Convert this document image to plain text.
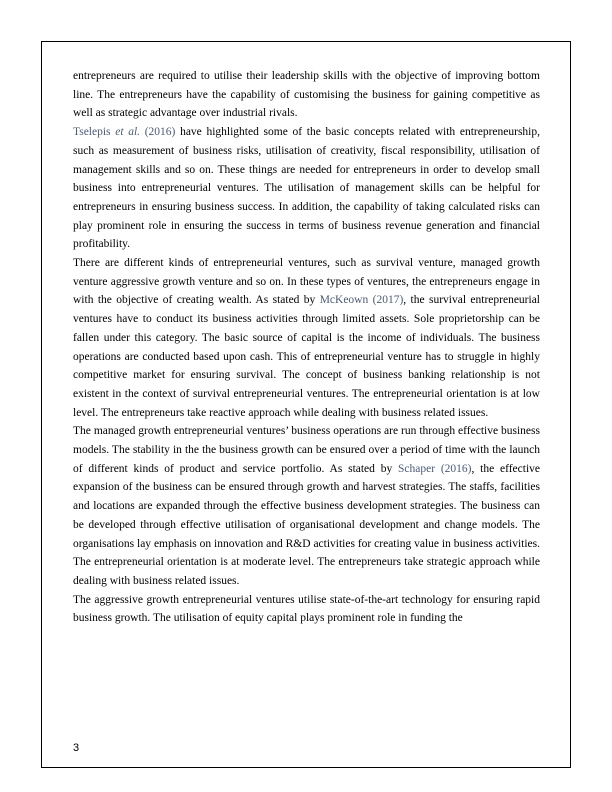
entrepreneurs are required to utilise their leadership skills with the objective of improving bottom line. The entrepreneurs have the capability of customising the business for gaining competitive as well as strategic advantage over industrial rivals.

Tselepis et al. (2016) have highlighted some of the basic concepts related with entrepreneurship, such as measurement of business risks, utilisation of creativity, fiscal responsibility, utilisation of management skills and so on. These things are needed for entrepreneurs in order to develop small business into entrepreneurial ventures. The utilisation of management skills can be helpful for entrepreneurs in ensuring business success. In addition, the capability of taking calculated risks can play prominent role in ensuring the success in terms of business revenue generation and financial profitability.

There are different kinds of entrepreneurial ventures, such as survival venture, managed growth venture aggressive growth venture and so on. In these types of ventures, the entrepreneurs engage in with the objective of creating wealth. As stated by McKeown (2017), the survival entrepreneurial ventures have to conduct its business activities through limited assets. Sole proprietorship can be fallen under this category. The basic source of capital is the income of individuals. The business operations are conducted based upon cash. This of entrepreneurial venture has to struggle in highly competitive market for ensuring survival. The concept of business banking relationship is not existent in the context of survival entrepreneurial ventures. The entrepreneurial orientation is at low level. The entrepreneurs take reactive approach while dealing with business related issues.

The managed growth entrepreneurial ventures’ business operations are run through effective business models. The stability in the the business growth can be ensured over a period of time with the launch of different kinds of product and service portfolio. As stated by Schaper (2016), the effective expansion of the business can be ensured through growth and harvest strategies. The staffs, facilities and locations are expanded through the effective business development strategies. The business can be developed through effective utilisation of organisational development and change models. The organisations lay emphasis on innovation and R&D activities for creating value in business activities. The entrepreneurial orientation is at moderate level. The entrepreneurs take strategic approach while dealing with business related issues.

The aggressive growth entrepreneurial ventures utilise state-of-the-art technology for ensuring rapid business growth. The utilisation of equity capital plays prominent role in funding the

3
